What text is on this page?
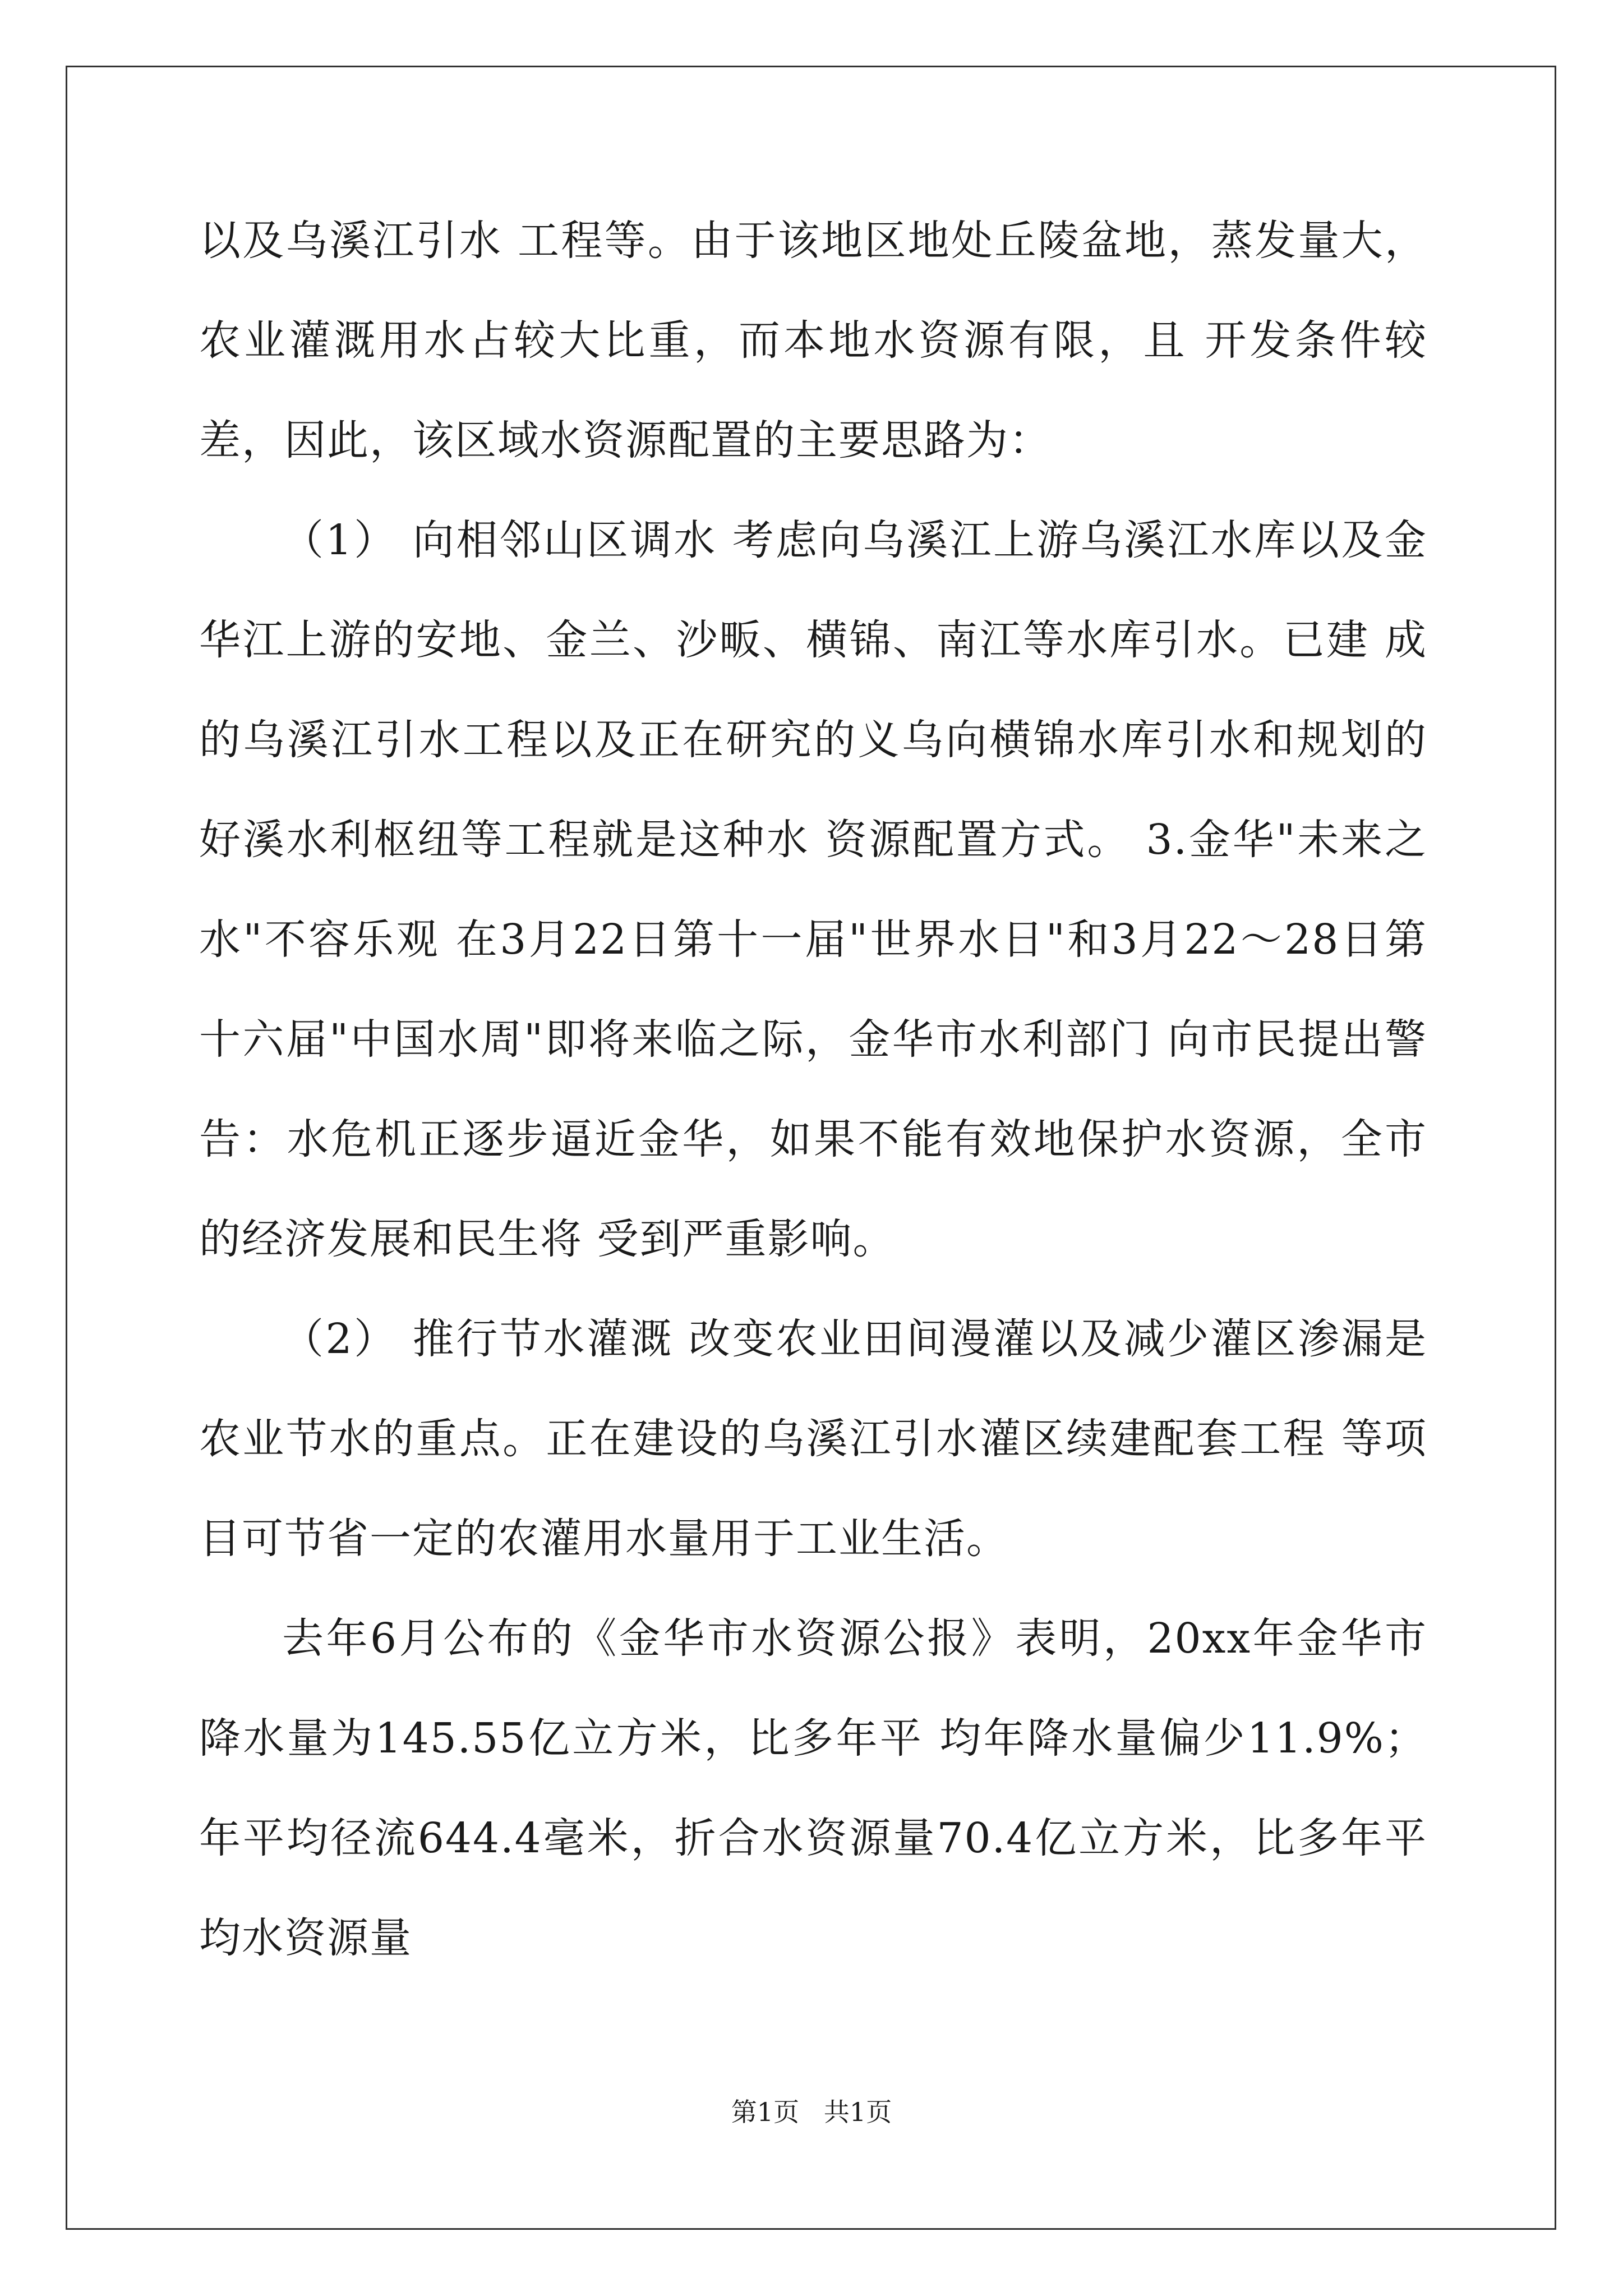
以及乌溪江引水 工程等。由于该地区地处丘陵盆地，蒸发量大，农业灌溉用水占较大比重，而本地水资源有限，且 开发条件较差，因此，该区域水资源配置的主要思路为：

（1） 向相邻山区调水 考虑向乌溪江上游乌溪江水库以及金华江上游的安地、金兰、沙畈、横锦、南江等水库引水。已建 成的乌溪江引水工程以及正在研究的义乌向横锦水库引水和规划的好溪水利枢纽等工程就是这种水 资源配置方式。 3.金华"未来之水"不容乐观 在3月22日第十一届"世界水日"和3月22～28日第十六届"中国水周"即将来临之际，金华市水利部门 向市民提出警告：水危机正逐步逼近金华，如果不能有效地保护水资源，全市的经济发展和民生将 受到严重影响。

（2） 推行节水灌溉 改变农业田间漫灌以及减少灌区渗漏是农业节水的重点。正在建设的乌溪江引水灌区续建配套工程 等项目可节省一定的农灌用水量用于工业生活。

去年6月公布的《金华市水资源公报》表明，20xx年金华市降水量为145.55亿立方米，比多年平 均年降水量偏少11.9%；年平均径流644.4毫米，折合水资源量70.4亿立方米，比多年平均水资源量

第1页   共1页
